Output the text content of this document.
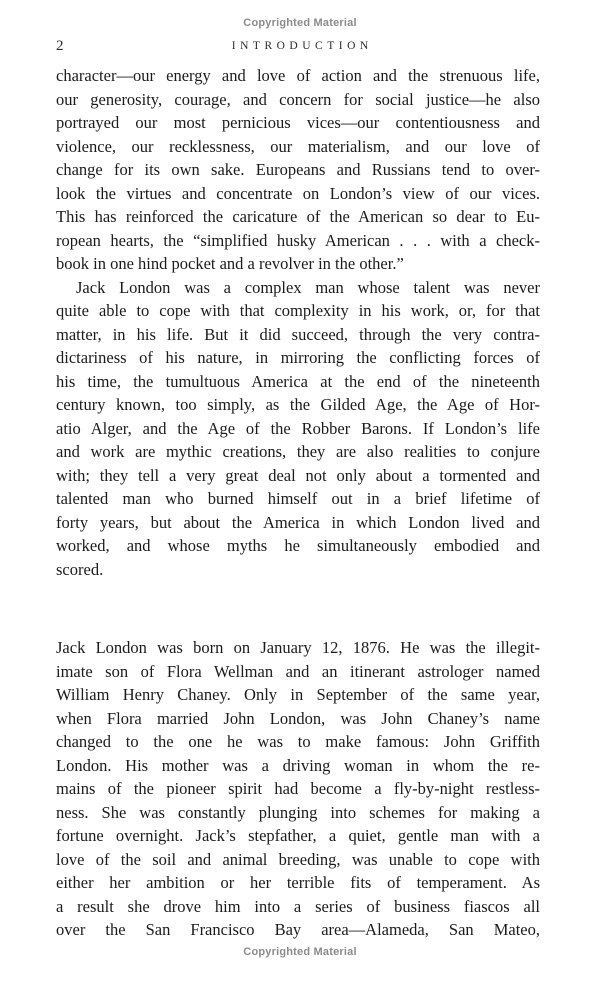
Copyrighted Material
2	INTRODUCTION
character—our energy and love of action and the strenuous life,
our generosity, courage, and concern for social justice—he also
portrayed our most pernicious vices—our contentiousness and
violence, our recklessness, our materialism, and our love of
change for its own sake. Europeans and Russians tend to over-
look the virtues and concentrate on London’s view of our vices.
This has reinforced the caricature of the American so dear to Eu-
ropean hearts, the “simplified husky American . . . with a check-
book in one hind pocket and a revolver in the other.”
Jack London was a complex man whose talent was never
quite able to cope with that complexity in his work, or, for that
matter, in his life. But it did succeed, through the very contra-
dictariness of his nature, in mirroring the conflicting forces of
his time, the tumultuous America at the end of the nineteenth
century known, too simply, as the Gilded Age, the Age of Hor-
atio Alger, and the Age of the Robber Barons. If London’s life
and work are mythic creations, they are also realities to conjure
with; they tell a very great deal not only about a tormented and
talented man who burned himself out in a brief lifetime of
forty years, but about the America in which London lived and
worked, and whose myths he simultaneously embodied and
scored.
Jack London was born on January 12, 1876. He was the illegit-
imate son of Flora Wellman and an itinerant astrologer named
William Henry Chaney. Only in September of the same year,
when Flora married John London, was John Chaney’s name
changed to the one he was to make famous: John Griffith
London. His mother was a driving woman in whom the re-
mains of the pioneer spirit had become a fly-by-night restless-
ness. She was constantly plunging into schemes for making a
fortune overnight. Jack’s stepfather, a quiet, gentle man with a
love of the soil and animal breeding, was unable to cope with
either her ambition or her terrible fits of temperament. As
a result she drove him into a series of business fiascos all
over the San Francisco Bay area—Alameda, San Mateo,
Copyrighted Material
